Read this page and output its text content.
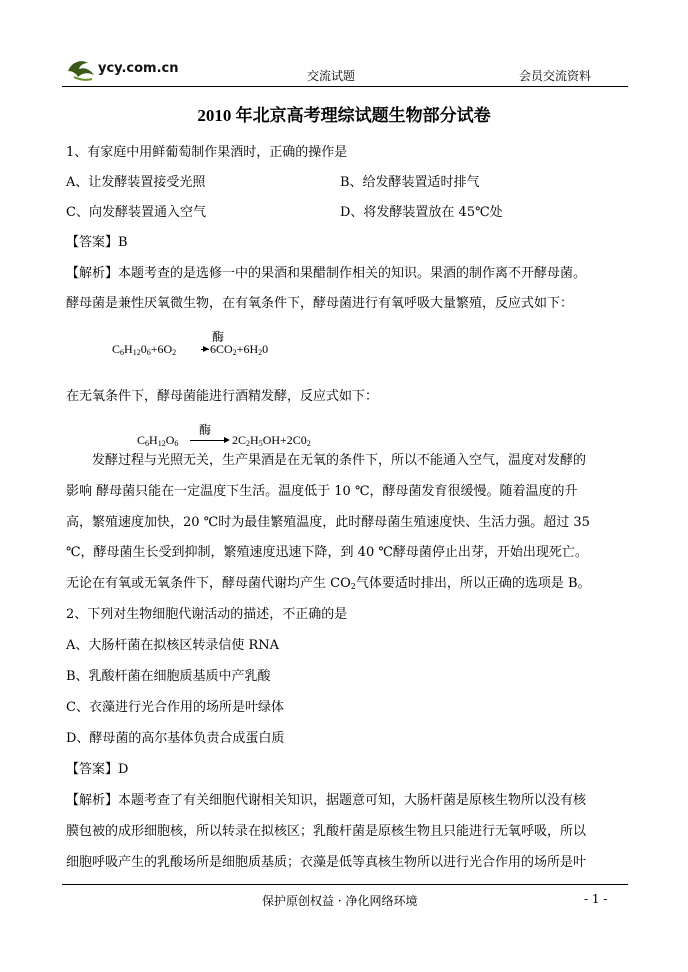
ycy.com.cn	交流试题	会员交流资料
2010 年北京高考理综试题生物部分试卷
1、有家庭中用鲜葡萄制作果酒时，正确的操作是
A、让发酵装置接受光照	B、给发酵装置适时排气
C、向发酵装置通入空气	D、将发酵装置放在 45℃处
【答案】B
【解析】本题考查的是选修一中的果酒和果醋制作相关的知识。果酒的制作离不开酵母菌。
酵母菌是兼性厌氧微生物，在有氧条件下，酵母菌进行有氧呼吸大量繁殖，反应式如下：
酶
$C_6H_{12}0_6+6O_2$	$6CO_2+6H_20$
在无氧条件下，酵母菌能进行酒精发酵，反应式如下：
酶
$C_6H_{12}O_6$	$2C_2H_5OH+2C0_2$
发酵过程与光照无关，生产果酒是在无氧的条件下，所以不能通入空气，温度对发酵的
影响 酵母菌只能在一定温度下生活。温度低于 10 ℃，酵母菌发育很缓慢。随着温度的升
高，繁殖速度加快，20 ℃时为最佳繁殖温度，此时酵母菌生殖速度快、生活力强。超过 35
℃，酵母菌生长受到抑制，繁殖速度迅速下降，到 40 ℃酵母菌停止出芽，开始出现死亡。
无论在有氧或无氧条件下，酵母菌代谢均产生 CO2气体要适时排出，所以正确的选项是 B。
2、下列对生物细胞代谢活动的描述，不正确的是
A、大肠杆菌在拟核区转录信使 RNA
B、乳酸杆菌在细胞质基质中产乳酸
C、衣藻进行光合作用的场所是叶绿体
D、酵母菌的高尔基体负责合成蛋白质
【答案】D
【解析】本题考查了有关细胞代谢相关知识，据题意可知，大肠杆菌是原核生物所以没有核
膜包被的成形细胞核，所以转录在拟核区；乳酸杆菌是原核生物且只能进行无氧呼吸，所以
细胞呼吸产生的乳酸场所是细胞质基质；衣藻是低等真核生物所以进行光合作用的场所是叶
保护原创权益 · 净化网络环境	- 1 -
